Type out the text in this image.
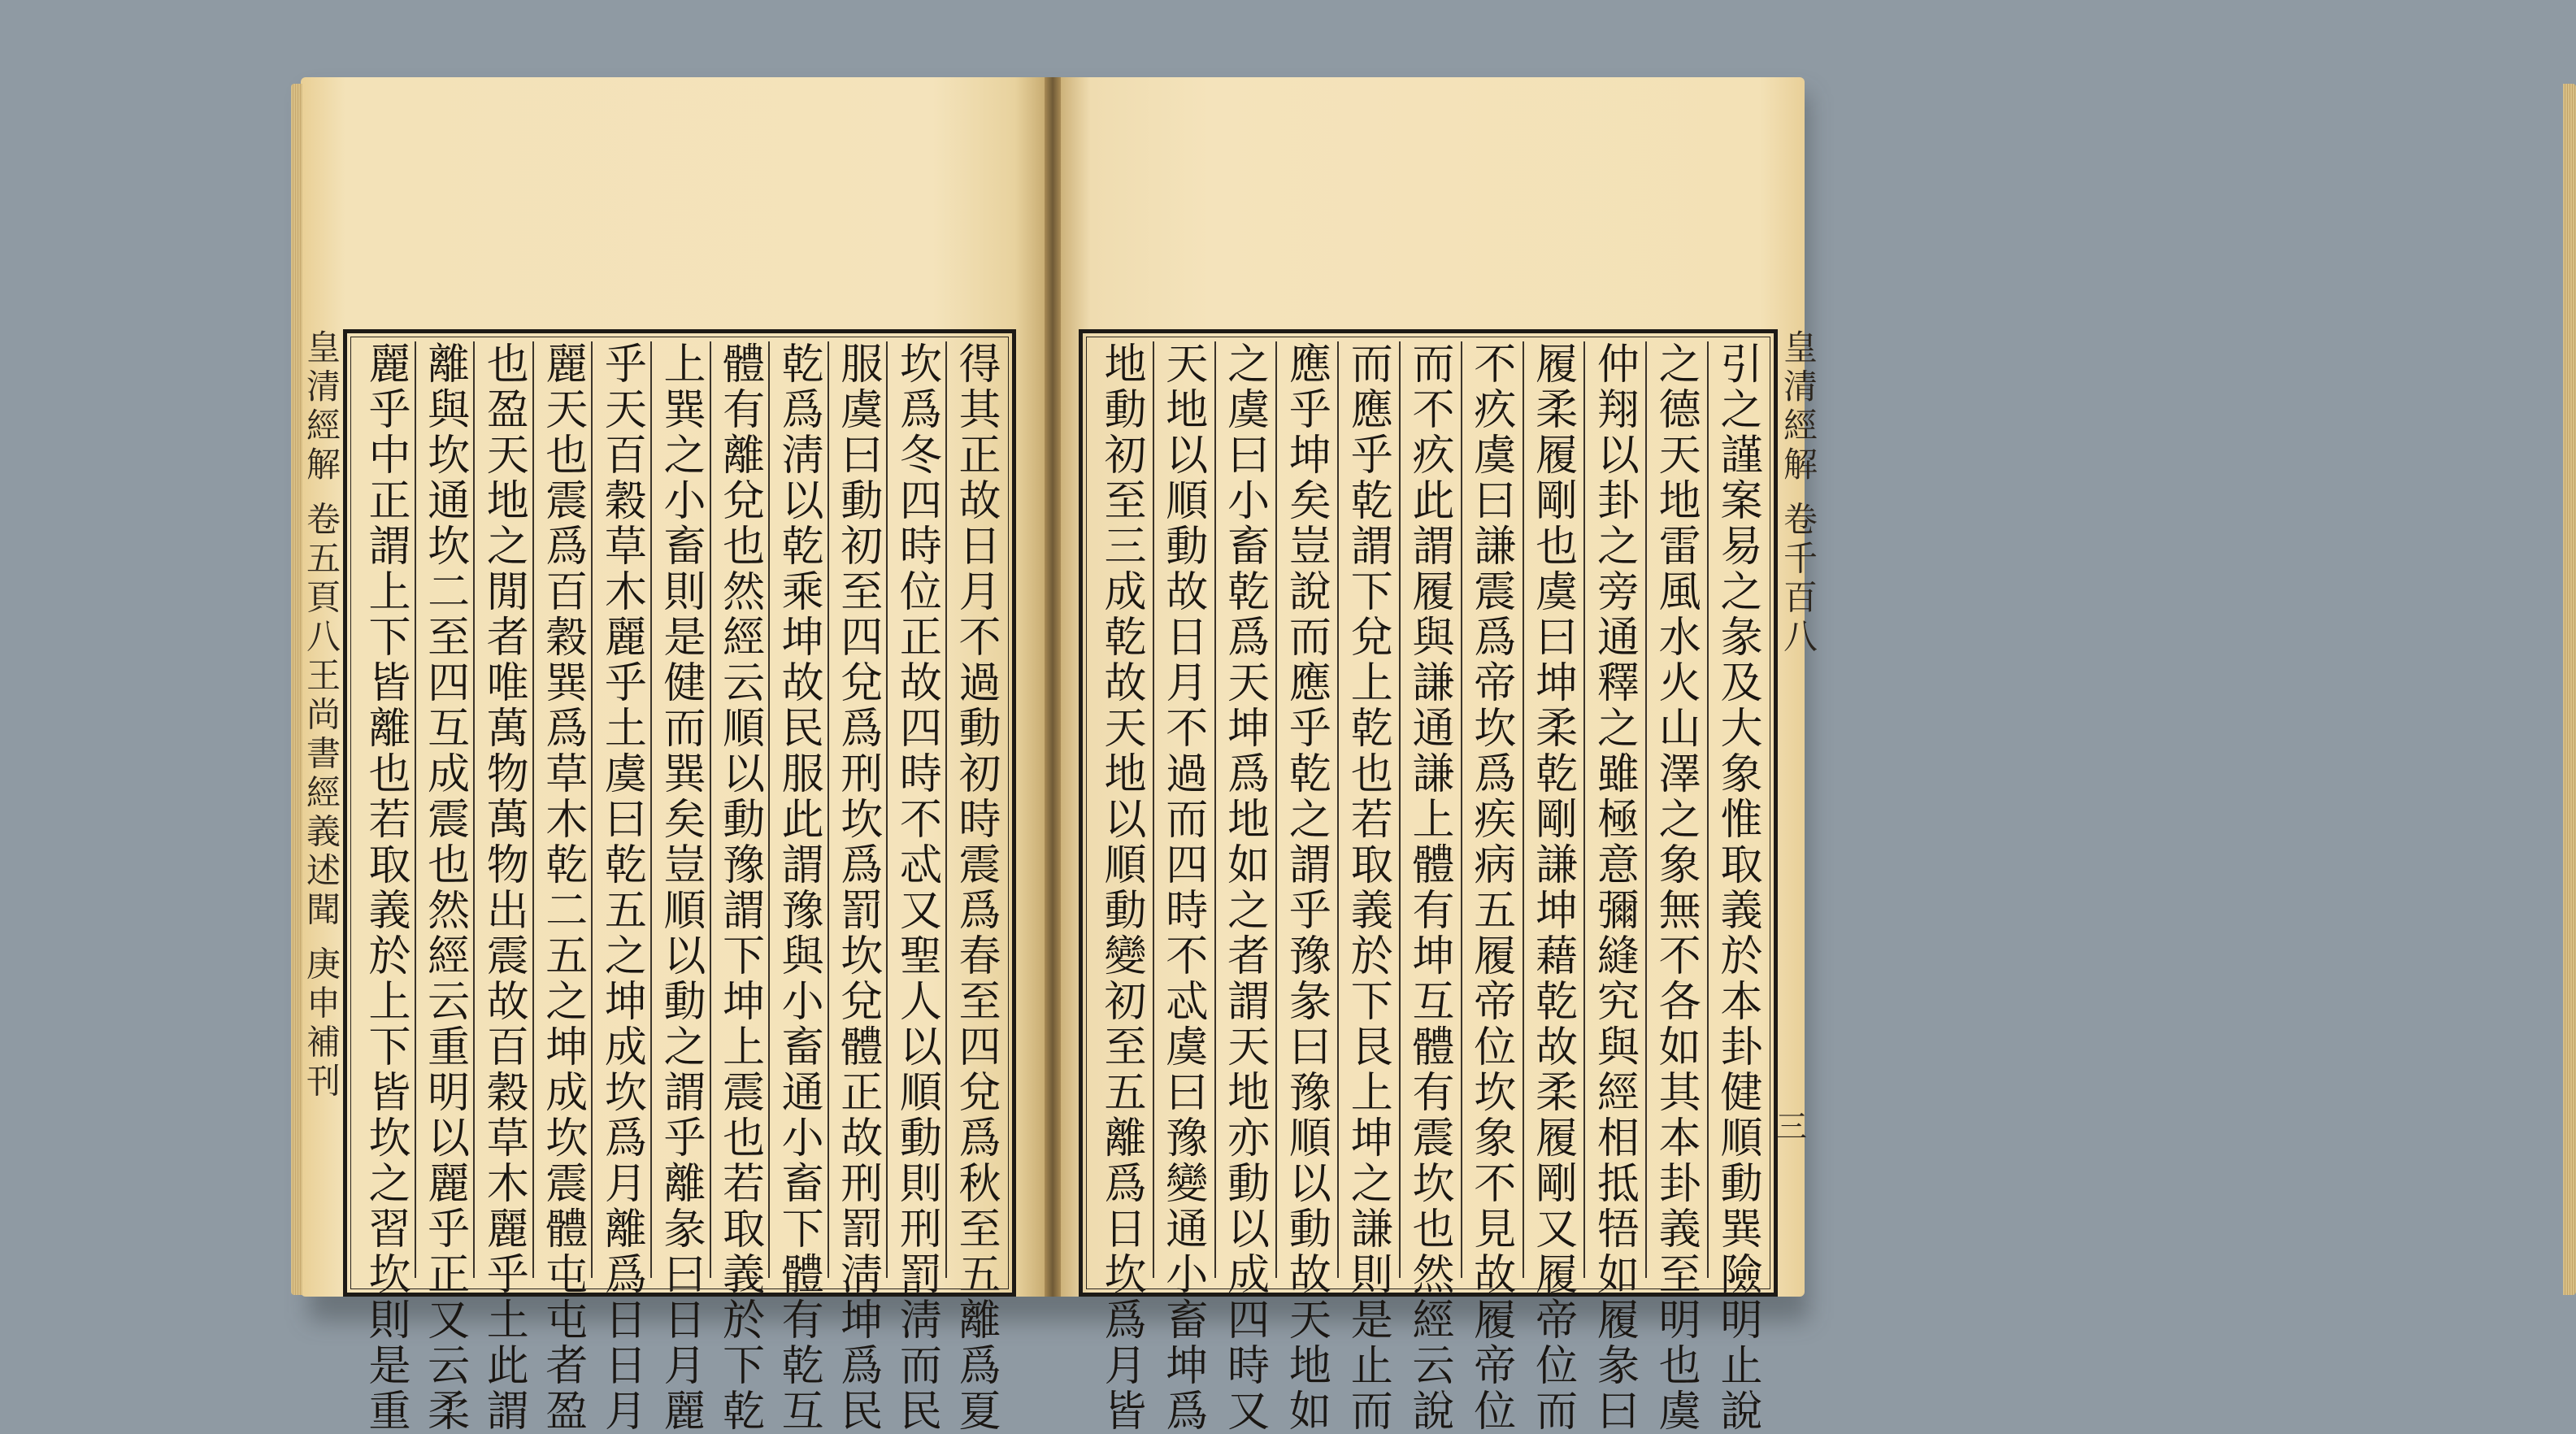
皇清經解 卷五頁八王尚書經義述聞 庚申補刊	得其正故日月不過動初時震爲春至四兌爲秋至五離爲夏
坎爲冬四時位正故四時不忒又聖人以順動則刑罰淸而民
服虞曰動初至四兌爲刑坎爲罰坎兌體正故刑罰淸坤爲民
乾爲淸以乾乘坤故民服此謂豫與小畜通小畜下體有乾互
體有離兌也然經云順以動豫謂下坤上震也若取義於下乾
上巽之小畜則是健而巽矣豈順以動之謂乎離彖曰日月麗
乎天百穀草木麗乎土虞曰乾五之坤成坎爲月離爲日日月
麗天也震爲百穀巽爲草木乾二五之坤成坎震體屯屯者盈
也盈天地之閒者唯萬物萬物出震故百穀草木麗乎土此謂
離與坎通坎二至四互成震也然經云重明以麗乎正又云柔
麗乎中正謂上下皆離也若取義於上下皆坎之習坎則是重	皇清經解 卷千百八
三
引之謹案易之彖及大象惟取義於本卦健順動巽險明止說
之德天地雷風水火山澤之象無不各如其本卦義至明也虞
仲翔以卦之旁通釋之雖極意彌縫究與經相抵牾如履彖曰
履柔履剛也虞曰坤柔乾剛謙坤藉乾故柔履剛又履帝位而
不疚虞曰謙震爲帝坎爲疾病五履帝位坎象不見故履帝位
而不疚此謂履與謙通謙上體有坤互體有震坎也然經云說
而應乎乾謂下兌上乾也若取義於下艮上坤之謙則是止而
應乎坤矣豈說而應乎乾之謂乎豫彖曰豫順以動故天地如
之虞曰小畜乾爲天坤爲地如之者謂天地亦動以成四時又
天地以順動故日月不過而四時不忒虞曰豫變通小畜坤爲
地動初至三成乾故天地以順動變初至五離爲日坎爲月皆
